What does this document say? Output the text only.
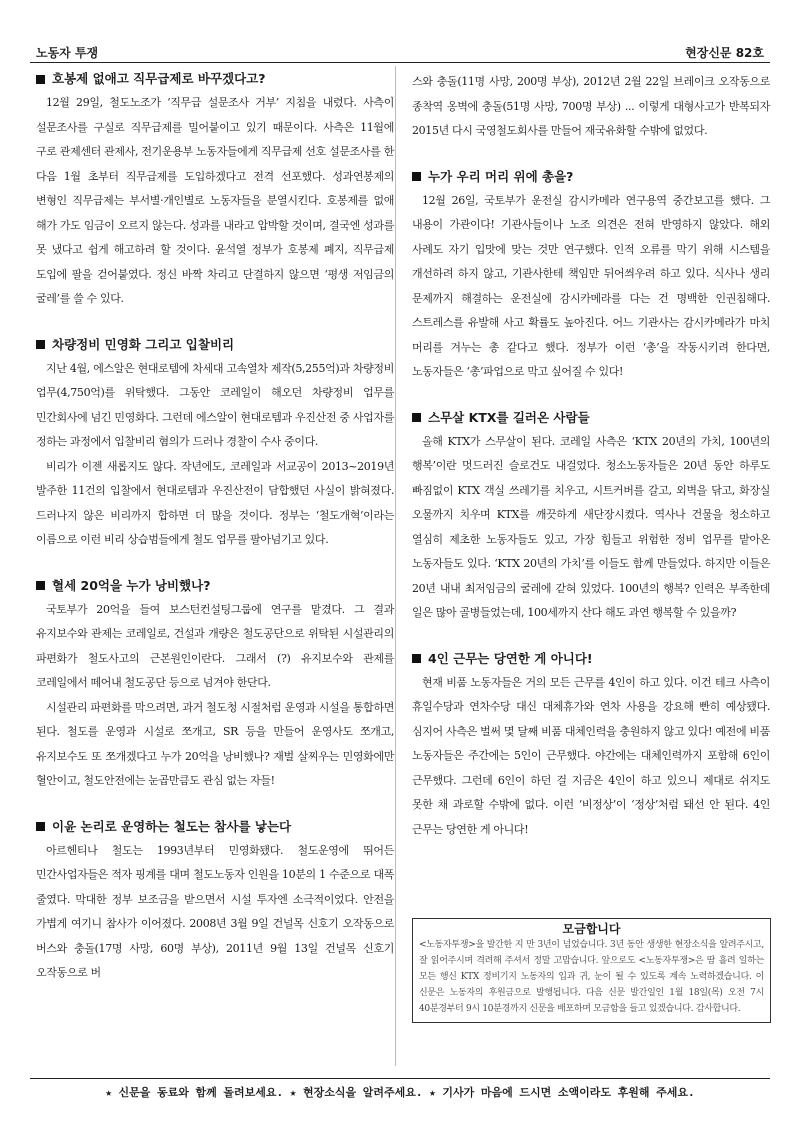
노동자 투쟁	현장신문 82호
호봉제 없애고 직무급제로 바꾸겠다고?

12월 29일, 철도노조가 ‘직무급 설문조사 거부’ 지침을 내렸다. 사측이 설문조사를 구실로 직무급제를 밀어붙이고 있기 때문이다. 사측은 11월에 구로 관제센터 관제사, 전기운용부 노동자들에게 직무급제 선호 설문조사를 한 다음 1월 초부터 직무급제를 도입하겠다고 전격 선포했다. 성과연봉제의 변형인 직무급제는 부서별·개인별로 노동자들을 분열시킨다. 호봉제를 없애 해가 가도 임금이 오르지 않는다. 성과를 내라고 압박할 것이며, 결국엔 성과를 못 냈다고 쉽게 해고하려 할 것이다. 윤석열 정부가 호봉제 폐지, 직무급제 도입에 팔을 걷어붙였다. 정신 바짝 차리고 단결하지 않으면 ‘평생 저임금의 굴레’를 쓸 수 있다.

차량정비 민영화 그리고 입찰비리

지난 4월, 에스알은 현대로템에 차세대 고속열차 제작(5,255억)과 차량정비 업무(4,750억)를 위탁했다. 그동안 코레일이 해오던 차량정비 업무를 민간회사에 넘긴 민영화다. 그런데 에스알이 현대로템과 우진산전 중 사업자를 정하는 과정에서 입찰비리 혐의가 드러나 경찰이 수사 중이다.

비리가 이젠 새롭지도 않다. 작년에도, 코레일과 서교공이 2013~2019년 발주한 11건의 입찰에서 현대로템과 우진산전이 담합했던 사실이 밝혀졌다. 드러나지 않은 비리까지 합하면 더 많을 것이다. 정부는 ‘철도개혁’이라는 이름으로 이런 비리 상습범들에게 철도 업무를 팔아넘기고 있다.

혈세 20억을 누가 낭비했나?

국토부가 20억을 들여 보스턴컨설팅그룹에 연구를 맡겼다. 그 결과 유지보수와 관제는 코레일로, 건설과 개량은 철도공단으로 위탁된 시설관리의 파편화가 철도사고의 근본원인이란다. 그래서 (?) 유지보수와 관제를 코레일에서 떼어내 철도공단 등으로 넘겨야 한단다.

시설관리 파편화를 막으려면, 과거 철도청 시절처럼 운영과 시설을 통합하면 된다. 철도를 운영과 시설로 쪼개고, SR 등을 만들어 운영사도 쪼개고, 유지보수도 또 쪼개겠다고 누가 20억을 낭비했나? 재벌 살찌우는 민영화에만 혈안이고, 철도안전에는 눈곱만큼도 관심 없는 자들!

이윤 논리로 운영하는 철도는 참사를 낳는다

아르헨티나 철도는 1993년부터 민영화됐다. 철도운영에 뛰어든 민간사업자들은 적자 핑계를 대며 철도노동자 인원을 10분의 1 수준으로 대폭 줄였다. 막대한 정부 보조금을 받으면서 시설 투자엔 소극적이었다. 안전을 가볍게 여기니 참사가 이어졌다. 2008년 3월 9일 건널목 신호기 오작동으로 버스와 충돌(17명 사망, 60명 부상), 2011년 9월 13일 건널목 신호기 오작동으로 버

스와 충돌(11명 사망, 200명 부상), 2012년 2월 22일 브레이크 오작동으로 종착역 옹벽에 충돌(51명 사망, 700명 부상) ... 이렇게 대형사고가 반복되자 2015년 다시 국영철도회사를 만들어 재국유화할 수밖에 없었다.

누가 우리 머리 위에 총을?

12월 26일, 국토부가 운전실 감시카메라 연구용역 중간보고를 했다. 그 내용이 가관이다! 기관사들이나 노조 의견은 전혀 반영하지 않았다. 해외 사례도 자기 입맛에 맞는 것만 연구했다. 인적 오류를 막기 위해 시스템을 개선하려 하지 않고, 기관사한테 책임만 뒤어씌우려 하고 있다. 식사나 생리 문제까지 해결하는 운전실에 감시카메라를 다는 건 명백한 인권침해다. 스트레스를 유발해 사고 확률도 높아진다. 어느 기관사는 감시카메라가 마치 머리를 겨누는 총 같다고 했다. 정부가 이런 ‘총’을 작동시키려 한다면, 노동자들은 ‘총’파업으로 막고 싶어질 수 있다!

스무살 KTX를 길러온 사람들

올해 KTX가 스무살이 된다. 코레일 사측은 ‘KTX 20년의 가치, 100년의 행복’이란 멋드러진 슬로건도 내걸었다. 청소노동자들은 20년 동안 하루도 빠짐없이 KTX 객실 쓰레기를 치우고, 시트커버를 갈고, 외벽을 닦고, 화장실 오물까지 치우며 KTX를 깨끗하게 새단장시켰다. 역사나 건물을 청소하고 열심히 제초한 노동자들도 있고, 가장 힘들고 위험한 정비 업무를 맡아온 노동자들도 있다. ‘KTX 20년의 가치’를 이들도 함께 만들었다. 하지만 이들은 20년 내내 최저임금의 굴레에 갇혀 있었다. 100년의 행복? 인력은 부족한데 일은 많아 골병들었는데, 100세까지 산다 해도 과연 행복할 수 있을까?

4인 근무는 당연한 게 아니다!

현재 비품 노동자들은 거의 모든 근무를 4인이 하고 있다. 이건 테크 사측이 휴일수당과 연차수당 대신 대체휴가와 연차 사용을 강요해 빤히 예상됐다. 심지어 사측은 벌써 몇 달째 비품 대체인력을 충원하지 않고 있다! 예전에 비품 노동자들은 주간에는 5인이 근무했다. 야간에는 대체인력까지 포함해 6인이 근무했다. 그런데 6인이 하던 걸 지금은 4인이 하고 있으니 제대로 쉬지도 못한 채 과로할 수밖에 없다. 이런 ‘비정상’이 ‘정상’처럼 돼선 안 된다. 4인 근무는 당연한 게 아니다!

모금합니다
<노동자투쟁>을 발간한 지 만 3년이 넘었습니다. 3년 동안 생생한 현장소식을 알려주시고, 잘 읽어주시며 격려해 주셔서 정말 고맙습니다. 앞으로도 <노동자투쟁>은 땀 흘려 일하는 모든 행신 KTX 정비기지 노동자의 입과 귀, 눈이 될 수 있도록 계속 노력하겠습니다. 이 신문은 노동자의 후원금으로 발행됩니다. 다음 신문 발간일인 1월 18일(목) 오전 7시 40분경부터 9시 10분경까지 신문을 배포하며 모금함을 들고 있겠습니다. 감사합니다.
★ 신문을 동료와 함께 돌려보세요. ★ 현장소식을 알려주세요. ★ 기사가 마음에 드시면 소액이라도 후원해 주세요.
